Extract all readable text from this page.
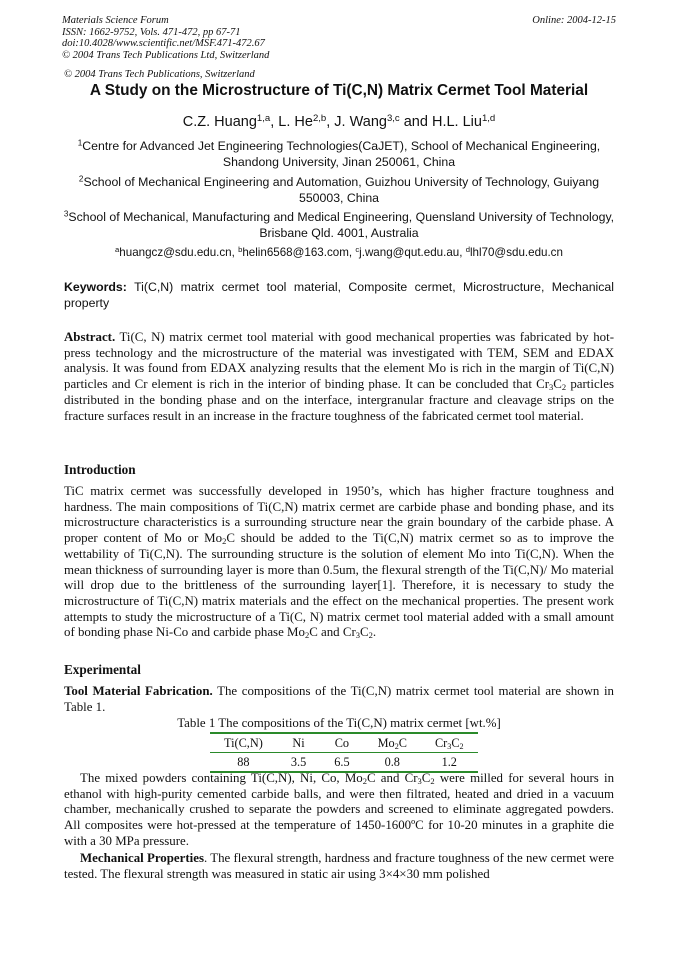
Materials Science Forum
ISSN: 1662-9752, Vols. 471-472, pp 67-71
doi:10.4028/www.scientific.net/MSF.471-472.67
© 2004 Trans Tech Publications Ltd, Switzerland
Online: 2004-12-15
© 2004 Trans Tech Publications, Switzerland
A Study on the Microstructure of Ti(C,N) Matrix Cermet Tool Material
C.Z. Huang$^{1,a}$, L. He$^{2,b}$, J. Wang$^{3,c}$ and H.L. Liu$^{1,d}$
$^1$Centre for Advanced Jet Engineering Technologies(CaJET), School of Mechanical Engineering, Shandong University, Jinan 250061, China
$^2$School of Mechanical Engineering and Automation, Guizhou University of Technology, Guiyang 550003, China
$^3$School of Mechanical, Manufacturing and Medical Engineering, Quensland University of Technology, Brisbane Qld. 4001, Australia
$^a$huangcz@sdu.edu.cn, $^b$helin6568@163.com, $^c$j.wang@qut.edu.au, $^d$lhl70@sdu.edu.cn
Keywords: Ti(C,N) matrix cermet tool material, Composite cermet, Microstructure, Mechanical property
Abstract. Ti(C, N) matrix cermet tool material with good mechanical properties was fabricated by hot-press technology and the microstructure of the material was investigated with TEM, SEM and EDAX analysis. It was found from EDAX analyzing results that the element Mo is rich in the margin of Ti(C,N) particles and Cr element is rich in the interior of binding phase. It can be concluded that $Cr_3C_2$ particles distributed in the bonding phase and on the interface, intergranular fracture and cleavage strips on the fracture surfaces result in an increase in the fracture toughness of the fabricated cermet tool material.
Introduction
TiC matrix cermet was successfully developed in 1950’s, which has higher fracture toughness and hardness. The main compositions of Ti(C,N) matrix cermet are carbide phase and bonding phase, and its microstructure characteristics is a surrounding structure near the grain boundary of the carbide phase. A proper content of Mo or $Mo_2C$ should be added to the Ti(C,N) matrix cermet so as to improve the wettability of Ti(C,N). The surrounding structure is the solution of element Mo into Ti(C,N). When the mean thickness of surrounding layer is more than 0.5um, the flexural strength of the Ti(C,N)/ Mo material will drop due to the brittleness of the surrounding layer[1]. Therefore, it is necessary to study the microstructure of Ti(C,N) matrix materials and the effect on the mechanical properties. The present work attempts to study the microstructure of a Ti(C, N) matrix cermet tool material added with a small amount of bonding phase Ni-Co and carbide phase $Mo_2C$ and $Cr_3C_2$.
Experimental
Tool Material Fabrication. The compositions of the Ti(C,N) matrix cermet tool material are shown in Table 1.
Table 1 The compositions of the Ti(C,N) matrix cermet [wt.%]
Ti(C,N)	Ni	Co	$Mo_2C$	$Cr_3C_2$
88	3.5	6.5	0.8	1.2
The mixed powders containing Ti(C,N), Ni, Co, $Mo_2C$ and $Cr_3C_2$ were milled for several hours in ethanol with high-purity cemented carbide balls, and were then filtrated, heated and dried in a vacuum chamber, mechanically crushed to separate the powders and screened to eliminate aggregated powders. All composites were hot-pressed at the temperature of 1450-1600ºC for 10-20 minutes in a graphite die with a 30 MPa pressure.
Mechanical Properties. The flexural strength, hardness and fracture toughness of the new cermet were tested. The flexural strength was measured in static air using 3×4×30 mm polished
